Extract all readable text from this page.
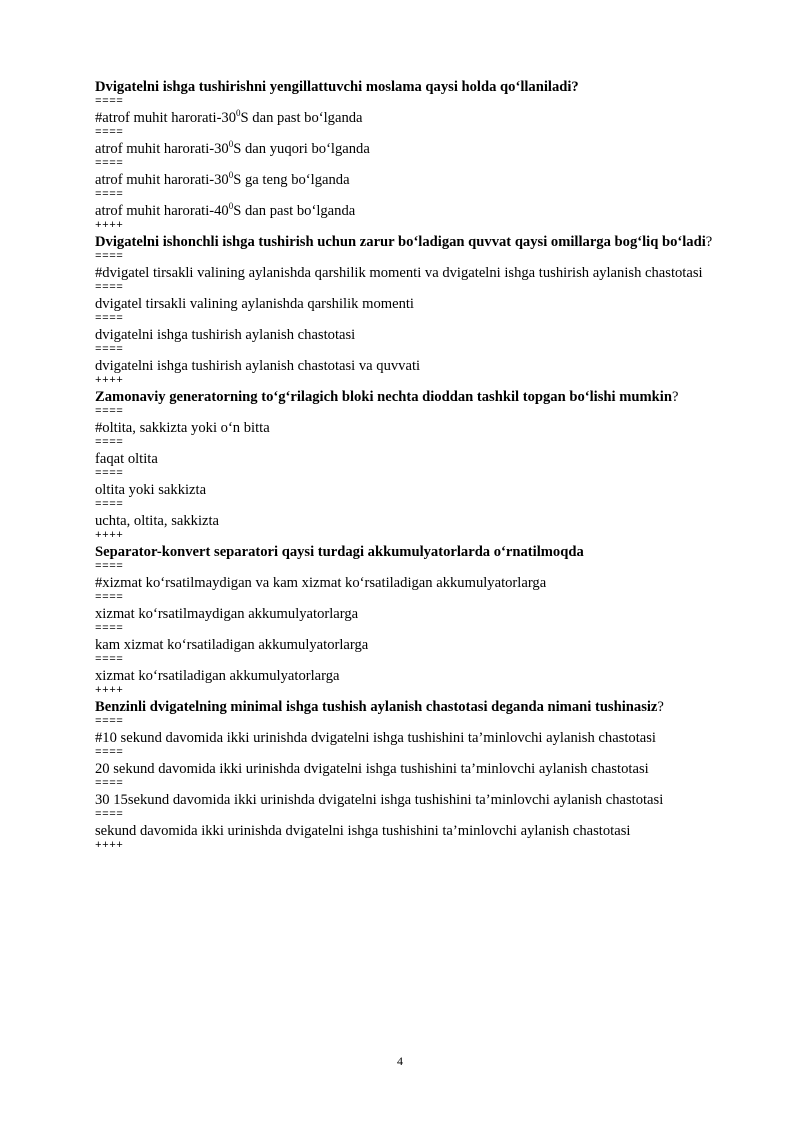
Dvigatelni ishga tushirishni yengillattuvchi moslama qaysi holda qo‘llaniladi?
====
#atrof muhit harorati-$30^0S$ dan past bo‘lganda
====
atrof muhit harorati-$30^0S$ dan yuqori bo‘lganda
====
atrof muhit harorati-$30^0S$ ga teng bo‘lganda
====
atrof muhit harorati-$40^0S$ dan past bo‘lganda
++++
Dvigatelni ishonchli ishga tushirish uchun zarur bo‘ladigan quvvat qaysi omillarga bog‘liq bo‘ladi?
====
#dvigatel tirsakli valining aylanishda qarshilik momenti va dvigatelni ishga tushirish aylanish chastotasi
====
dvigatel tirsakli valining aylanishda qarshilik momenti
====
dvigatelni ishga tushirish aylanish chastotasi
====
dvigatelni ishga tushirish aylanish chastotasi va quvvati
++++
Zamonaviy generatorning to‘g‘rilagich bloki nechta dioddan tashkil topgan bo‘lishi mumkin?
====
#oltita, sakkizta yoki o‘n bitta
====
faqat oltita
====
oltita yoki sakkizta
====
uchta, oltita, sakkizta
++++
Separator-konvert separatori qaysi turdagi akkumulyatorlarda o‘rnatilmoqda
====
#xizmat ko‘rsatilmaydigan va kam xizmat ko‘rsatiladigan akkumulyatorlarga
====
xizmat ko‘rsatilmaydigan akkumulyatorlarga
====
kam xizmat ko‘rsatiladigan akkumulyatorlarga
====
xizmat ko‘rsatiladigan akkumulyatorlarga
++++
Benzinli dvigatelning minimal ishga tushish aylanish chastotasi deganda nimani tushinasiz?
====
#10 sekund davomida ikki urinishda dvigatelni ishga tushishini ta’minlovchi aylanish chastotasi
====
20 sekund davomida ikki urinishda dvigatelni ishga tushishini ta’minlovchi aylanish chastotasi
====
30 15sekund davomida ikki urinishda dvigatelni ishga tushishini ta’minlovchi aylanish chastotasi
====
sekund davomida ikki urinishda dvigatelni ishga tushishini ta’minlovchi aylanish chastotasi
++++
4
